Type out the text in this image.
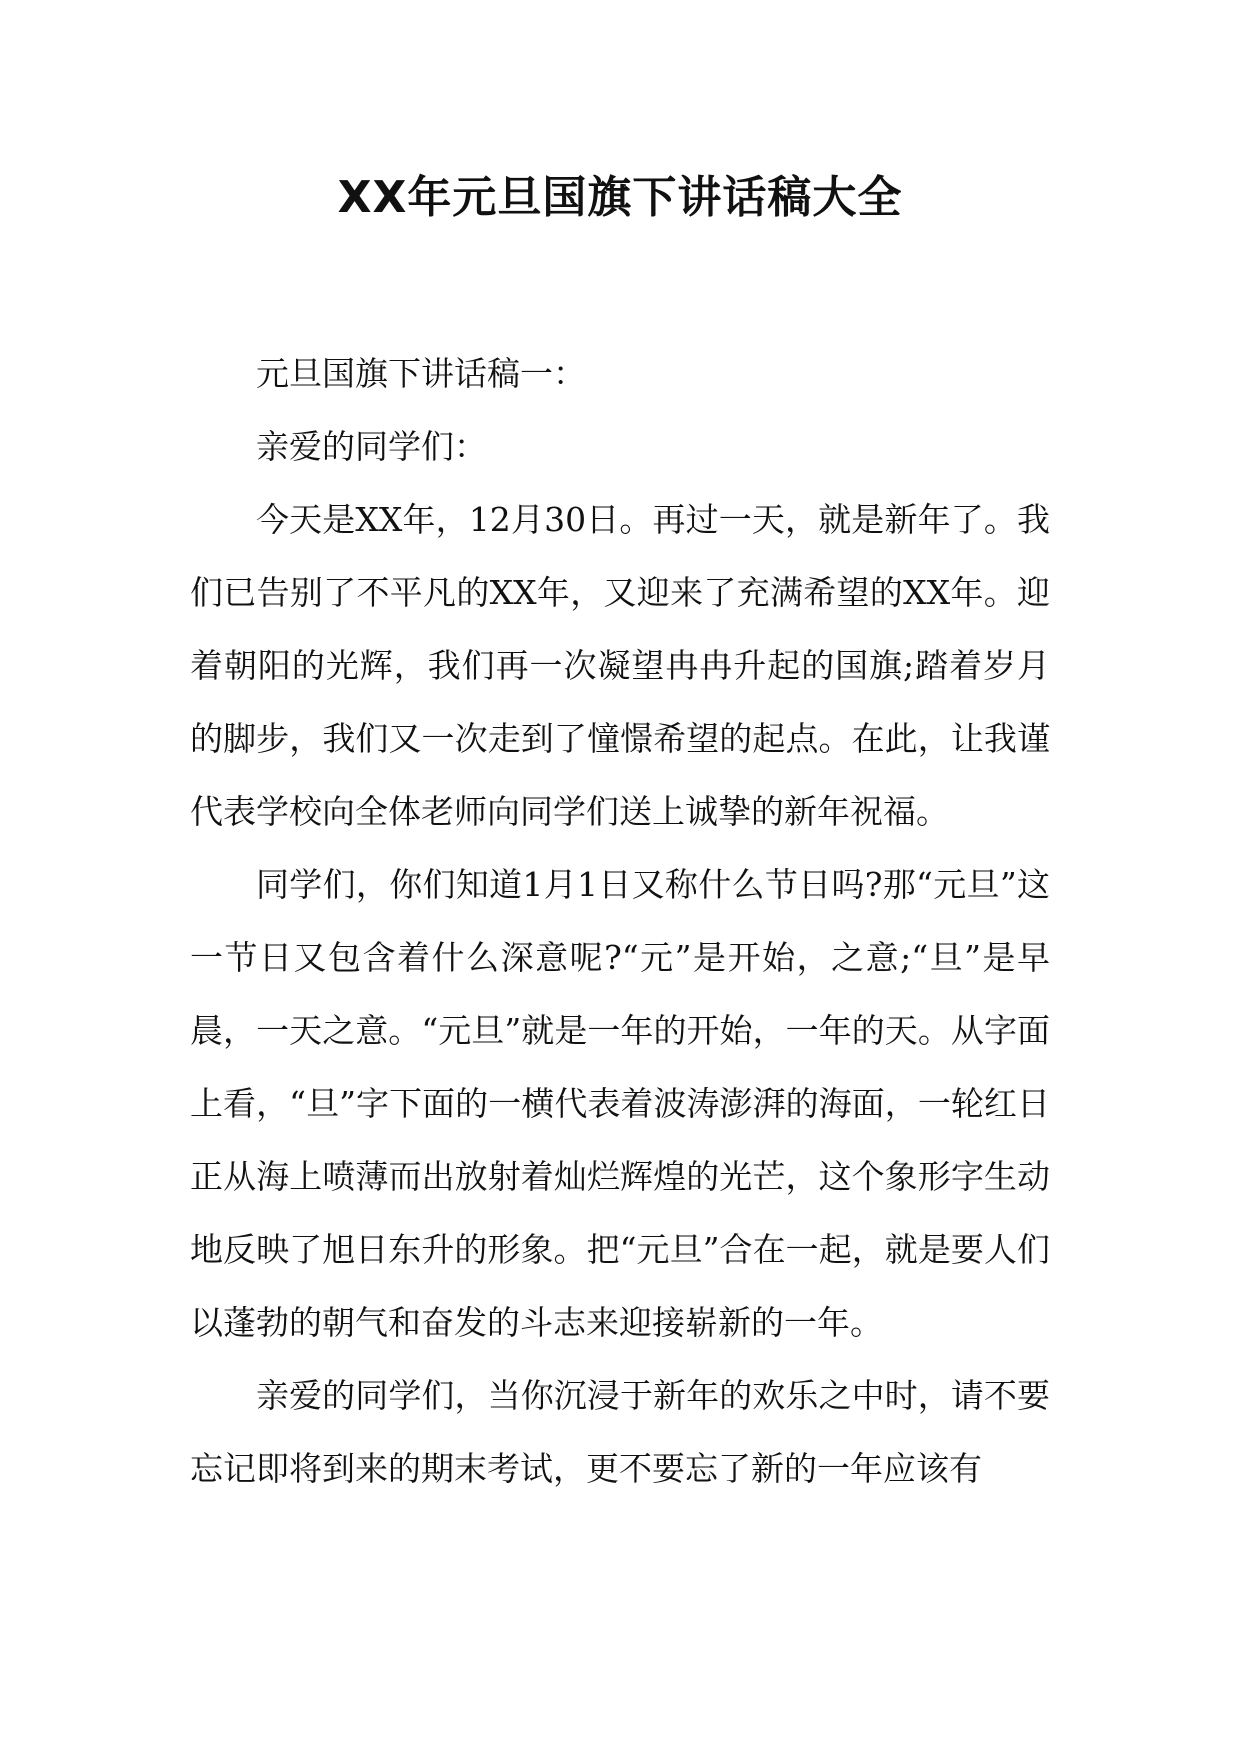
XX年元旦国旗下讲话稿大全

元旦国旗下讲话稿一：

亲爱的同学们：

今天是XX年，12月30日。再过一天，就是新年了。我们已告别了不平凡的XX年，又迎来了充满希望的XX年。迎着朝阳的光辉，我们再一次凝望冉冉升起的国旗;踏着岁月的脚步，我们又一次走到了憧憬希望的起点。在此，让我谨代表学校向全体老师向同学们送上诚挚的新年祝福。

同学们，你们知道1月1日又称什么节日吗?那“元旦”这一节日又包含着什么深意呢?“元”是开始，之意;“旦”是早晨，一天之意。“元旦”就是一年的开始，一年的天。从字面上看，“旦”字下面的一横代表着波涛澎湃的海面，一轮红日正从海上喷薄而出放射着灿烂辉煌的光芒，这个象形字生动地反映了旭日东升的形象。把“元旦”合在一起，就是要人们以蓬勃的朝气和奋发的斗志来迎接崭新的一年。

亲爱的同学们，当你沉浸于新年的欢乐之中时，请不要忘记即将到来的期末考试，更不要忘了新的一年应该有
